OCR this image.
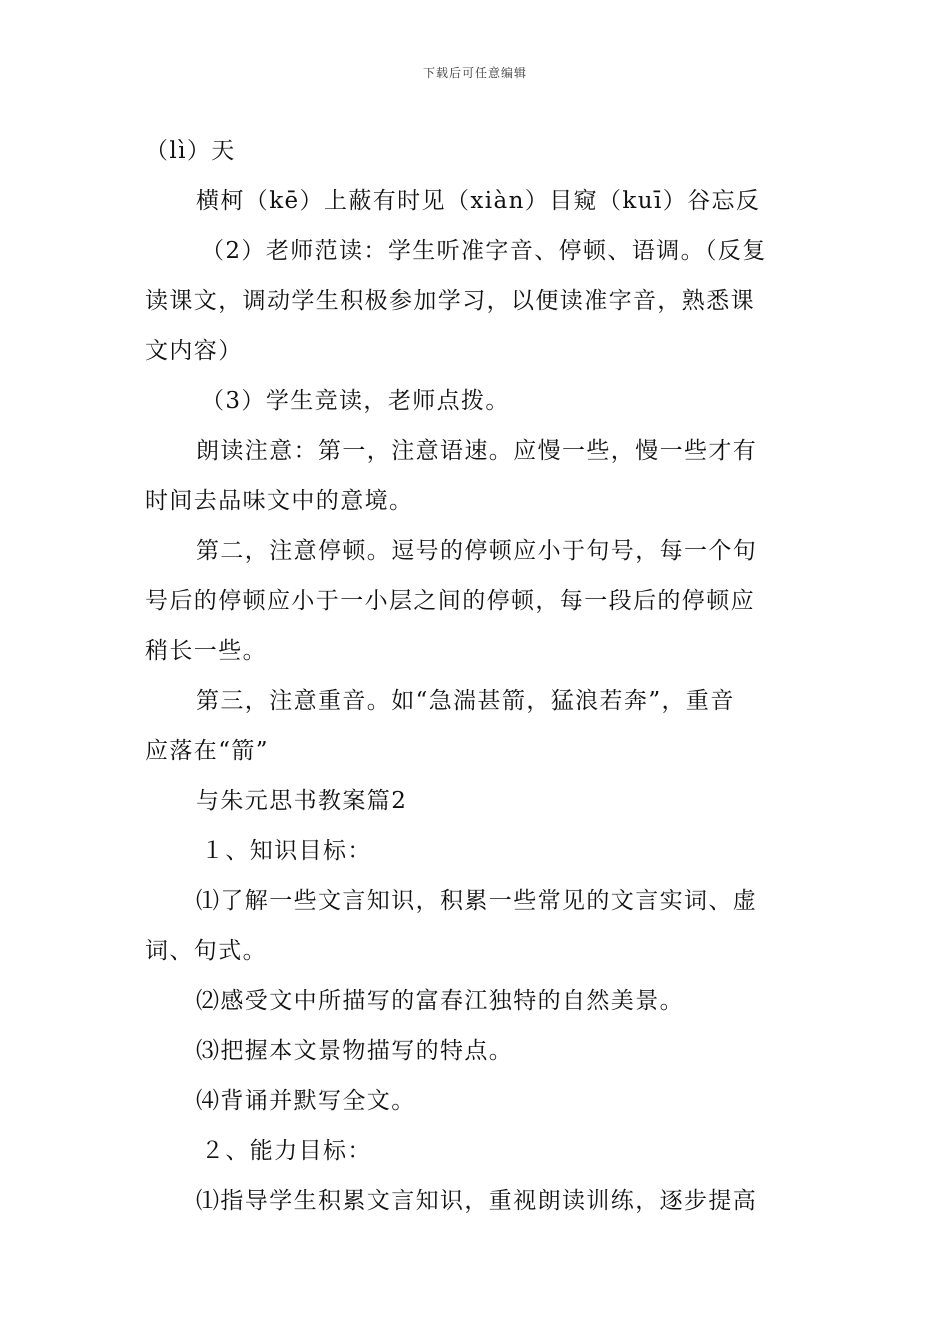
下载后可任意编辑
（lì）天
横柯（kē）上蔽有时见（xiàn）目窥（kuī）谷忘反
（2）老师范读：学生听准字音、停顿、语调。（反复
读课文，调动学生积极参加学习，以便读准字音，熟悉课
文内容）
（3）学生竞读，老师点拨。
朗读注意：第一，注意语速。应慢一些，慢一些才有
时间去品味文中的意境。
第二，注意停顿。逗号的停顿应小于句号，每一个句
号后的停顿应小于一小层之间的停顿，每一段后的停顿应
稍长一些。
第三，注意重音。如“急湍甚箭，猛浪若奔”，重音
应落在“箭”
与朱元思书教案篇2
１、知识目标：
⑴了解一些文言知识，积累一些常见的文言实词、虚
词、句式。
⑵感受文中所描写的富春江独特的自然美景。
⑶把握本文景物描写的特点。
⑷背诵并默写全文。
２、能力目标：
⑴指导学生积累文言知识，重视朗读训练，逐步提高
